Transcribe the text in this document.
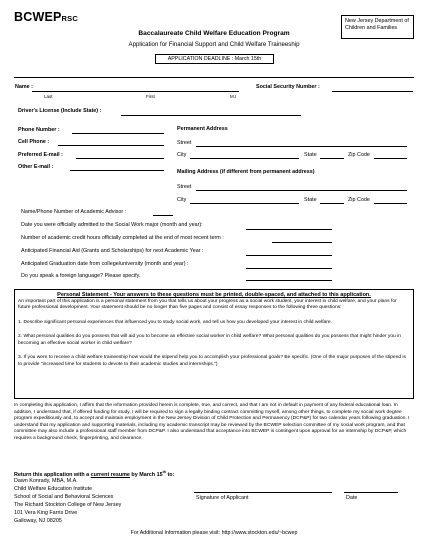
BCWEPRSC	New Jersey Department of Children and Families
Baccalaureate Child Welfare Education Program
Application for Financial Support and Child Welfare Traineeship
APPLICATION DEADLINE : March 15th
Name :
Last	First	M.I
Social Security Number :
Driver's License (Include State) :
Phone Number :
Cell Phone :
Preferred E-mail :
Other E-mail :
Permanent Address
Street
City	State	Zip Code
Mailing Address (if different from permanent address)
Street
City	State	Zip Code
Name/Phone Number of Academic Advisor :
Date you were officially admitted to the Social Work major (month and year):
Number of academic credit hours officially completed at the end of most recent term :
Anticipated Financial Aid (Grants and Scholarships) for next Academic Year :
Anticipated Graduation date from college/university (month and year) :
Do you speak a foreign language? Please specify.
Personal Statement - Your answers to these questions must be printed, double-spaced, and attached to this application.
An important part of this application is a personal statement from you that tells us about your progress as a social work student, your interest in child welfare, and your plans for future professional development. Your statement should be no longer than five pages and consist of essay responses to the following three questions:
1. Describe significant personal experiences that influenced you to study social work, and tell us how you developed your interest in child welfare.
2. What personal qualities do you possess that will aid you to become an effective social worker in child welfare? What personal qualities do you possess that might hinder you in becoming an effective social worker in child welfare?
3. If you were to receive a child welfare traineeship how would the stipend help you to accomplish your professional goals? Be specific. (One of the major purposes of the stipend is to provide "increased time for students to devote to their academic studies and internships.")
In completing this application, I affirm that the information provided herein is complete, true, and correct, and that I am not in default in payment of any federal educational loan. In addition, I understand that, if offered funding for study, I will be required to sign a legally binding contract committing myself, among other things, to complete my social work degree program expeditiously and, to accept and maintain employment in the New Jersey Division of Child Protection and Permanency (DCP&P) for two calendar years following graduation. I understand that my application and supporting materials, including my academic transcript may be reviewed by the BCWEP selection committee of my social work program, and that committee may also include a professional staff member from DCP&P. I also understand that acceptance into BCWEP is contingent upon approval for an internship by DCP&P, which requires a background check, fingerprinting, and clearance.
Return this application with a current resume by March 15th to:
Dawn Konrady, MBA, M.A.
Child Welfare Education Institute
School of Social and Behavioral Sciences
The Richard Stockton College of New Jersey
101 Vera King Farris Drive
Galloway, NJ 08205
Signature of Applicant	Date
For Additional Information please visit: http://www.stockton.edu/~bcwep
